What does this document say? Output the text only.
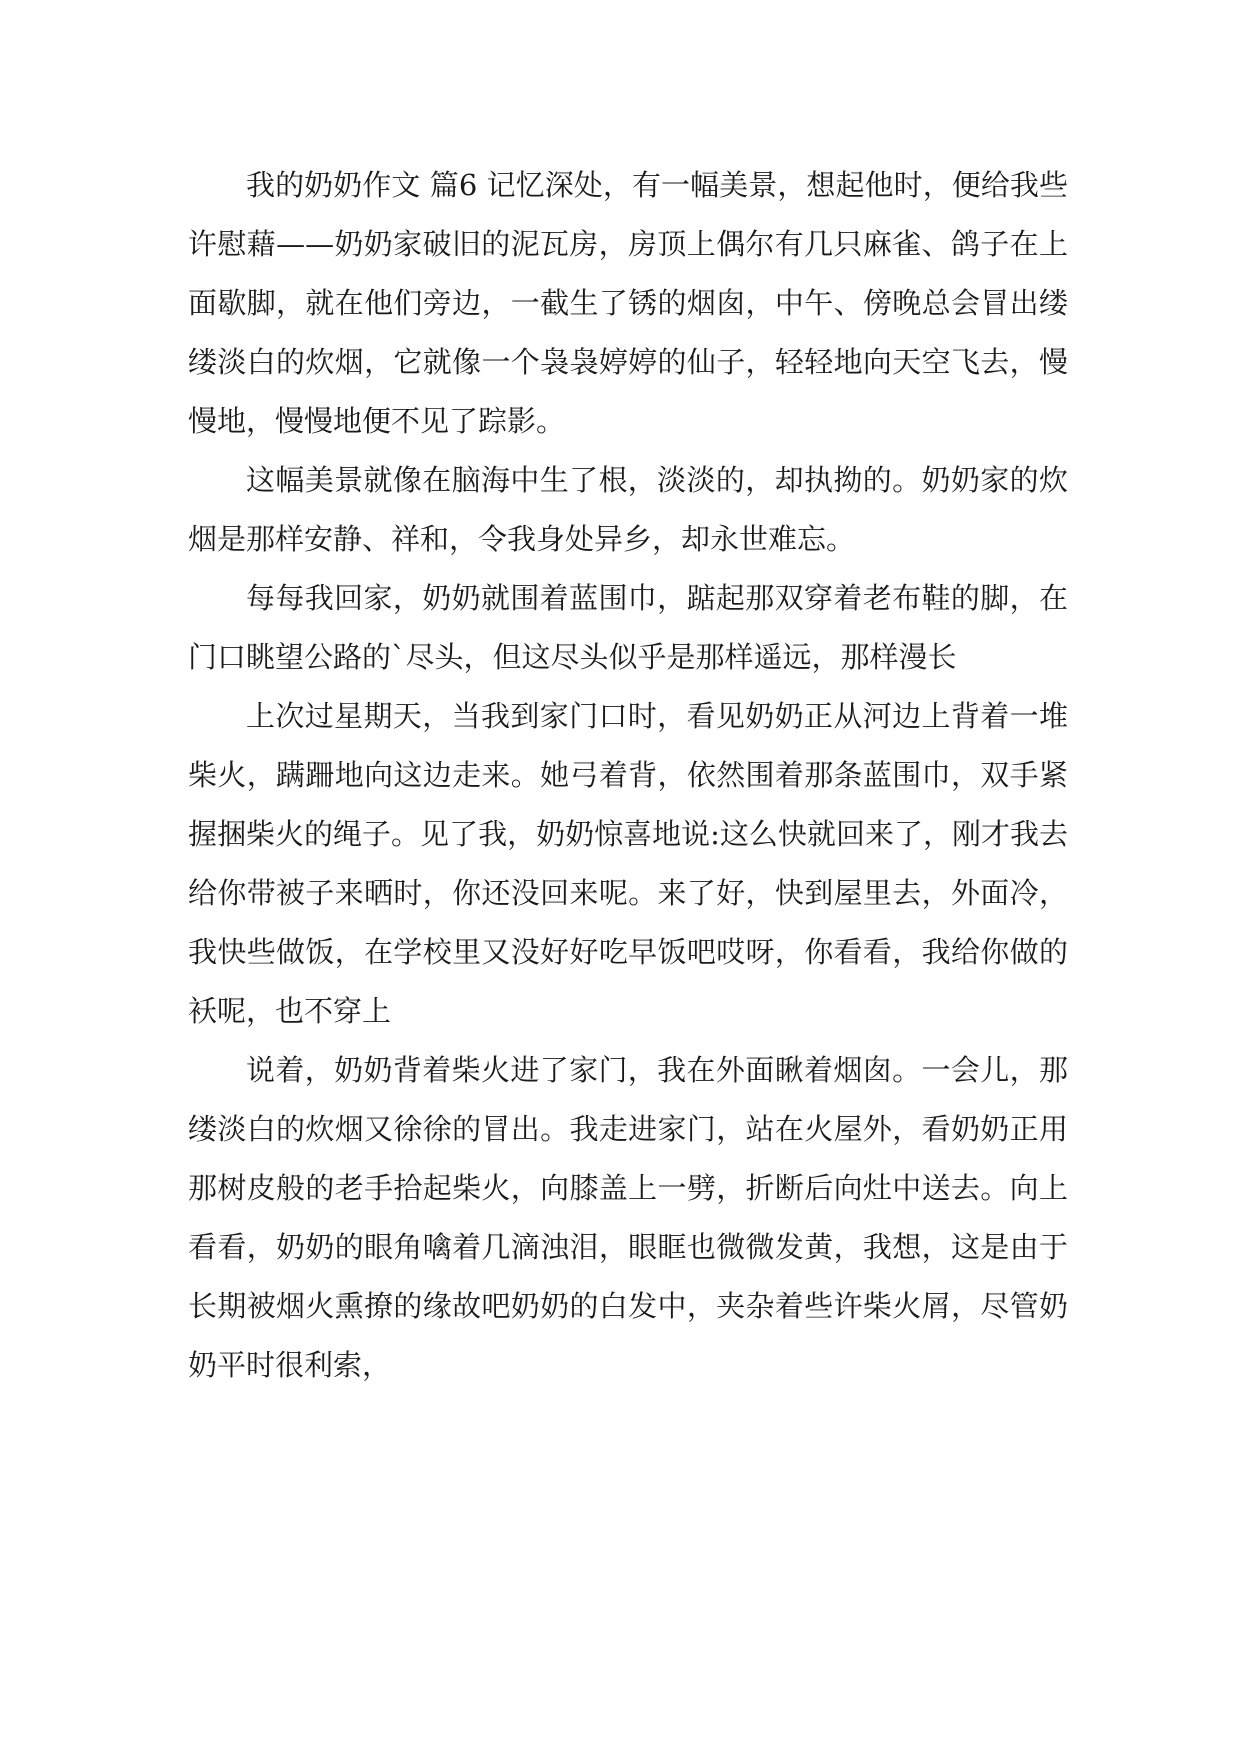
我的奶奶作文 篇6 记忆深处，有一幅美景，想起他时，便给我些许慰藉——奶奶家破旧的泥瓦房，房顶上偶尔有几只麻雀、鸽子在上面歇脚，就在他们旁边，一截生了锈的烟囱，中午、傍晚总会冒出缕缕淡白的炊烟，它就像一个袅袅婷婷的仙子，轻轻地向天空飞去，慢慢地，慢慢地便不见了踪影。

这幅美景就像在脑海中生了根，淡淡的，却执拗的。奶奶家的炊烟是那样安静、祥和，令我身处异乡，却永世难忘。

每每我回家，奶奶就围着蓝围巾，踮起那双穿着老布鞋的脚，在门口眺望公路的`尽头，但这尽头似乎是那样遥远，那样漫长

上次过星期天，当我到家门口时，看见奶奶正从河边上背着一堆柴火，蹒跚地向这边走来。她弓着背，依然围着那条蓝围巾，双手紧握捆柴火的绳子。见了我，奶奶惊喜地说:这么快就回来了，刚才我去给你带被子来晒时，你还没回来呢。来了好，快到屋里去，外面冷，我快些做饭，在学校里又没好好吃早饭吧哎呀，你看看，我给你做的袄呢，也不穿上

说着，奶奶背着柴火进了家门，我在外面瞅着烟囱。一会儿，那缕淡白的炊烟又徐徐的冒出。我走进家门，站在火屋外，看奶奶正用那树皮般的老手拾起柴火，向膝盖上一劈，折断后向灶中送去。向上看看，奶奶的眼角噙着几滴浊泪，眼眶也微微发黄，我想，这是由于长期被烟火熏撩的缘故吧奶奶的白发中，夹杂着些许柴火屑，尽管奶奶平时很利索，
